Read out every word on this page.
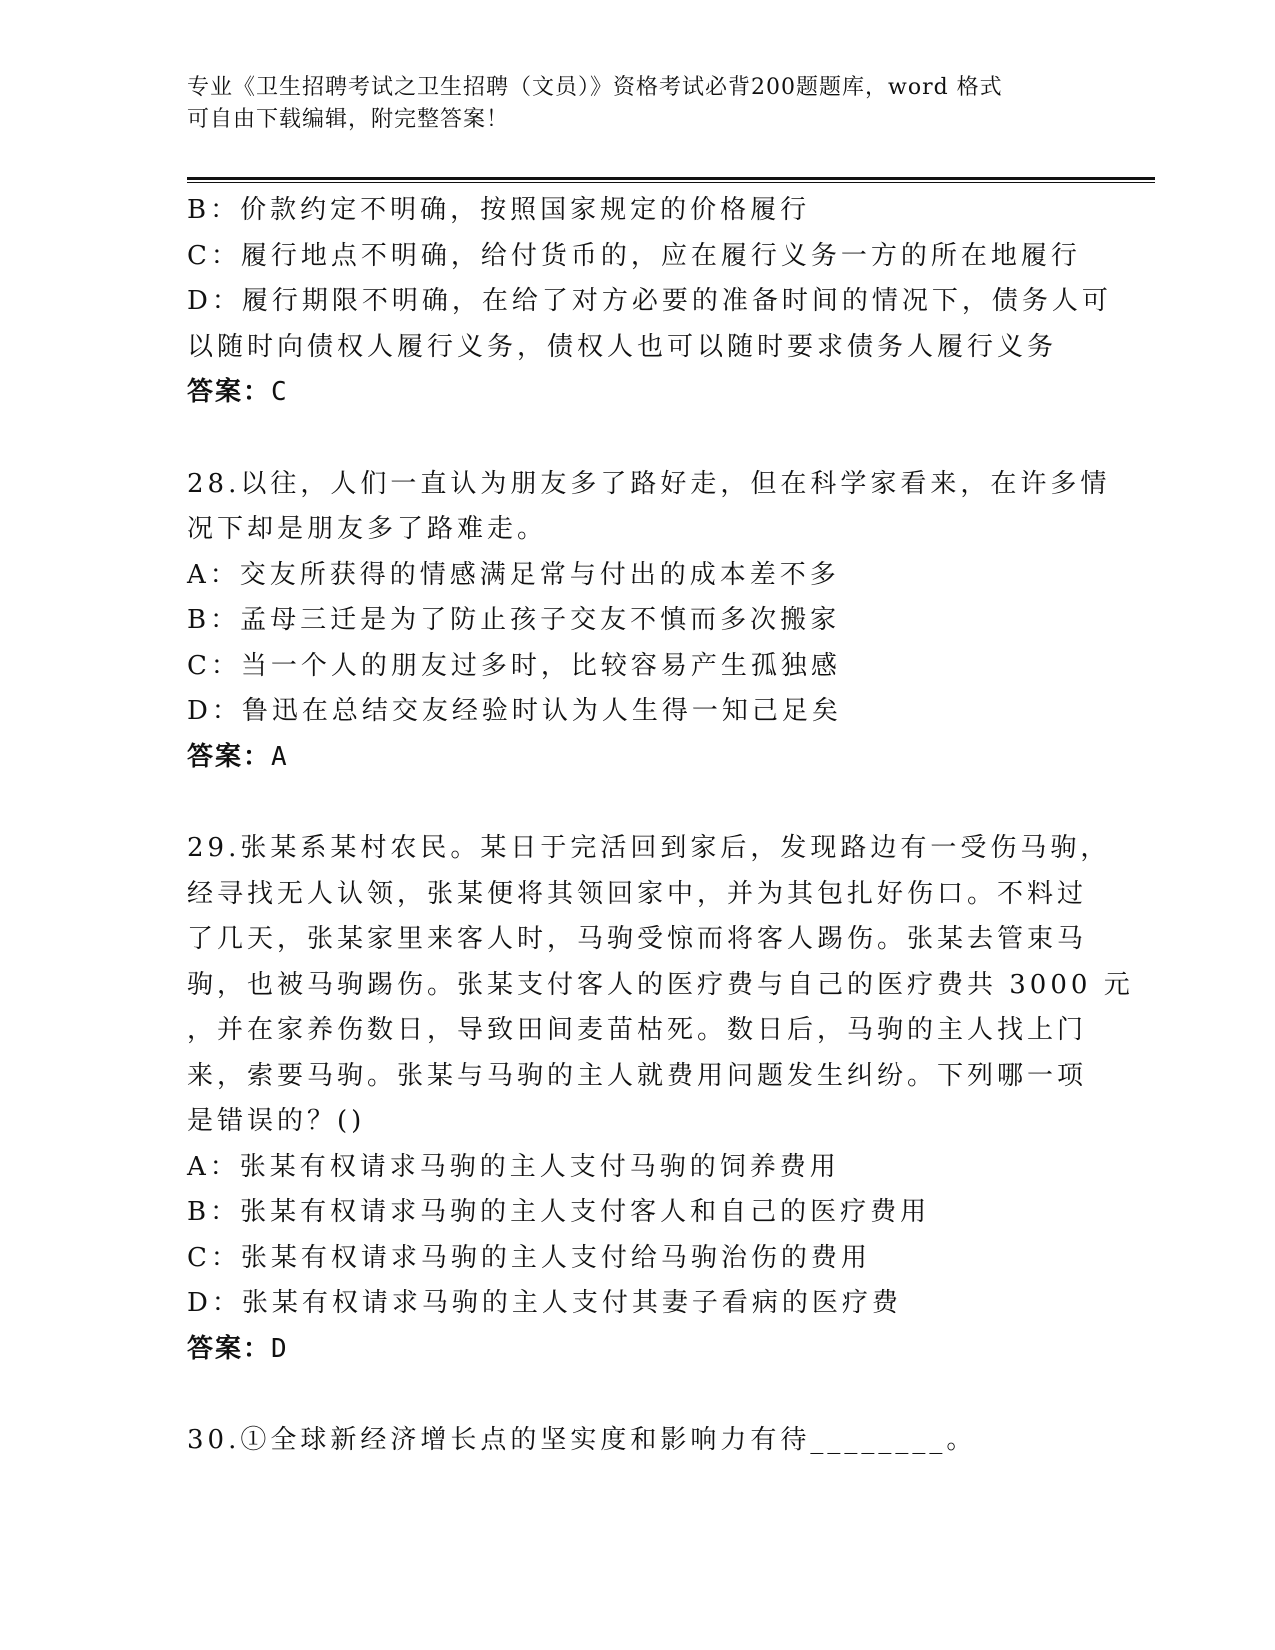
专业《卫生招聘考试之卫生招聘（文员）》资格考试必背200题题库，word 格式
可自由下载编辑，附完整答案！
B：价款约定不明确，按照国家规定的价格履行
C：履行地点不明确，给付货币的，应在履行义务一方的所在地履行
D：履行期限不明确，在给了对方必要的准备时间的情况下，债务人可
以随时向债权人履行义务，债权人也可以随时要求债务人履行义务
答案：C
28.以往，人们一直认为朋友多了路好走，但在科学家看来，在许多情
况下却是朋友多了路难走。
A：交友所获得的情感满足常与付出的成本差不多
B：孟母三迁是为了防止孩子交友不慎而多次搬家
C：当一个人的朋友过多时，比较容易产生孤独感
D：鲁迅在总结交友经验时认为人生得一知己足矣
答案：A
29.张某系某村农民。某日于完活回到家后，发现路边有一受伤马驹，
经寻找无人认领，张某便将其领回家中，并为其包扎好伤口。不料过
了几天，张某家里来客人时，马驹受惊而将客人踢伤。张某去管束马
驹，也被马驹踢伤。张某支付客人的医疗费与自己的医疗费共 3000 元
，并在家养伤数日，导致田间麦苗枯死。数日后，马驹的主人找上门
来，索要马驹。张某与马驹的主人就费用问题发生纠纷。下列哪一项
是错误的？()
A：张某有权请求马驹的主人支付马驹的饲养费用
B：张某有权请求马驹的主人支付客人和自己的医疗费用
C：张某有权请求马驹的主人支付给马驹治伤的费用
D：张某有权请求马驹的主人支付其妻子看病的医疗费
答案：D
30.①全球新经济增长点的坚实度和影响力有待________。
